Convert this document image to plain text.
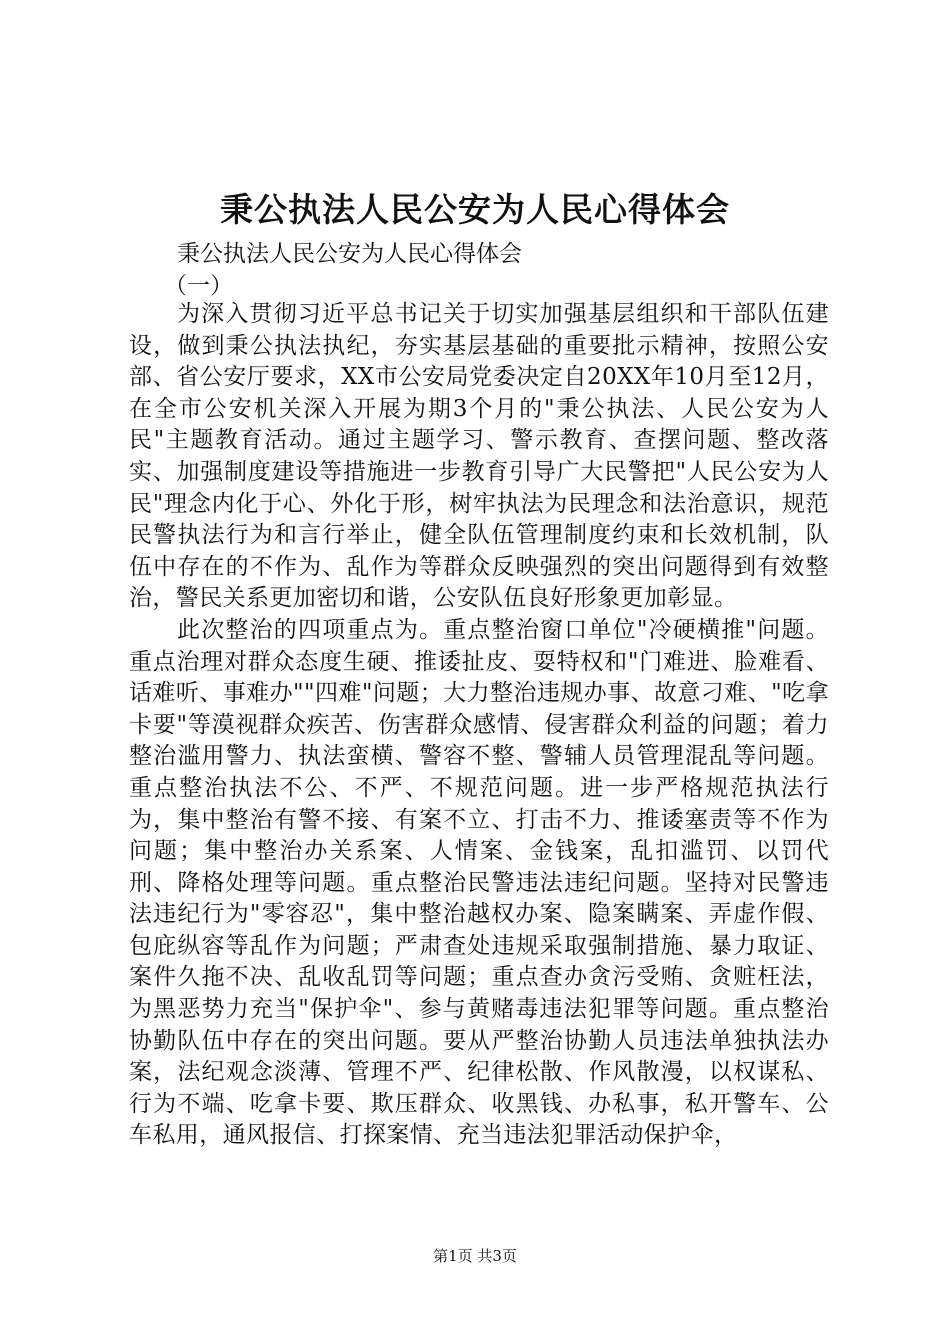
秉公执法人民公安为人民心得体会

秉公执法人民公安为人民心得体会

（一）

为深入贯彻习近平总书记关于切实加强基层组织和干部队伍建设，做到秉公执法执纪，夯实基层基础的重要批示精神，按照公安部、省公安厅要求，XX市公安局党委决定自20XX年10月至12月，在全市公安机关深入开展为期3个月的"秉公执法、人民公安为人民"主题教育活动。通过主题学习、警示教育、查摆问题、整改落实、加强制度建设等措施进一步教育引导广大民警把"人民公安为人民"理念内化于心、外化于形，树牢执法为民理念和法治意识，规范民警执法行为和言行举止，健全队伍管理制度约束和长效机制，队伍中存在的不作为、乱作为等群众反映强烈的突出问题得到有效整治，警民关系更加密切和谐，公安队伍良好形象更加彰显。

此次整治的四项重点为。重点整治窗口单位"冷硬横推"问题。重点治理对群众态度生硬、推诿扯皮、耍特权和"门难进、脸难看、话难听、事难办""四难"问题；大力整治违规办事、故意刁难、"吃拿卡要"等漠视群众疾苦、伤害群众感情、侵害群众利益的问题；着力整治滥用警力、执法蛮横、警容不整、警辅人员管理混乱等问题。重点整治执法不公、不严、不规范问题。进一步严格规范执法行为，集中整治有警不接、有案不立、打击不力、推诿塞责等不作为问题；集中整治办关系案、人情案、金钱案，乱扣滥罚、以罚代刑、降格处理等问题。重点整治民警违法违纪问题。坚持对民警违法违纪行为"零容忍"，集中整治越权办案、隐案瞒案、弄虚作假、包庇纵容等乱作为问题；严肃查处违规采取强制措施、暴力取证、案件久拖不决、乱收乱罚等问题；重点查办贪污受贿、贪赃枉法，为黑恶势力充当"保护伞"、参与黄赌毒违法犯罪等问题。重点整治协勤队伍中存在的突出问题。要从严整治协勤人员违法单独执法办案，法纪观念淡薄、管理不严、纪律松散、作风散漫，以权谋私、行为不端、吃拿卡要、欺压群众、收黑钱、办私事，私开警车、公车私用，通风报信、打探案情、充当违法犯罪活动保护伞，

第1页 共3页
